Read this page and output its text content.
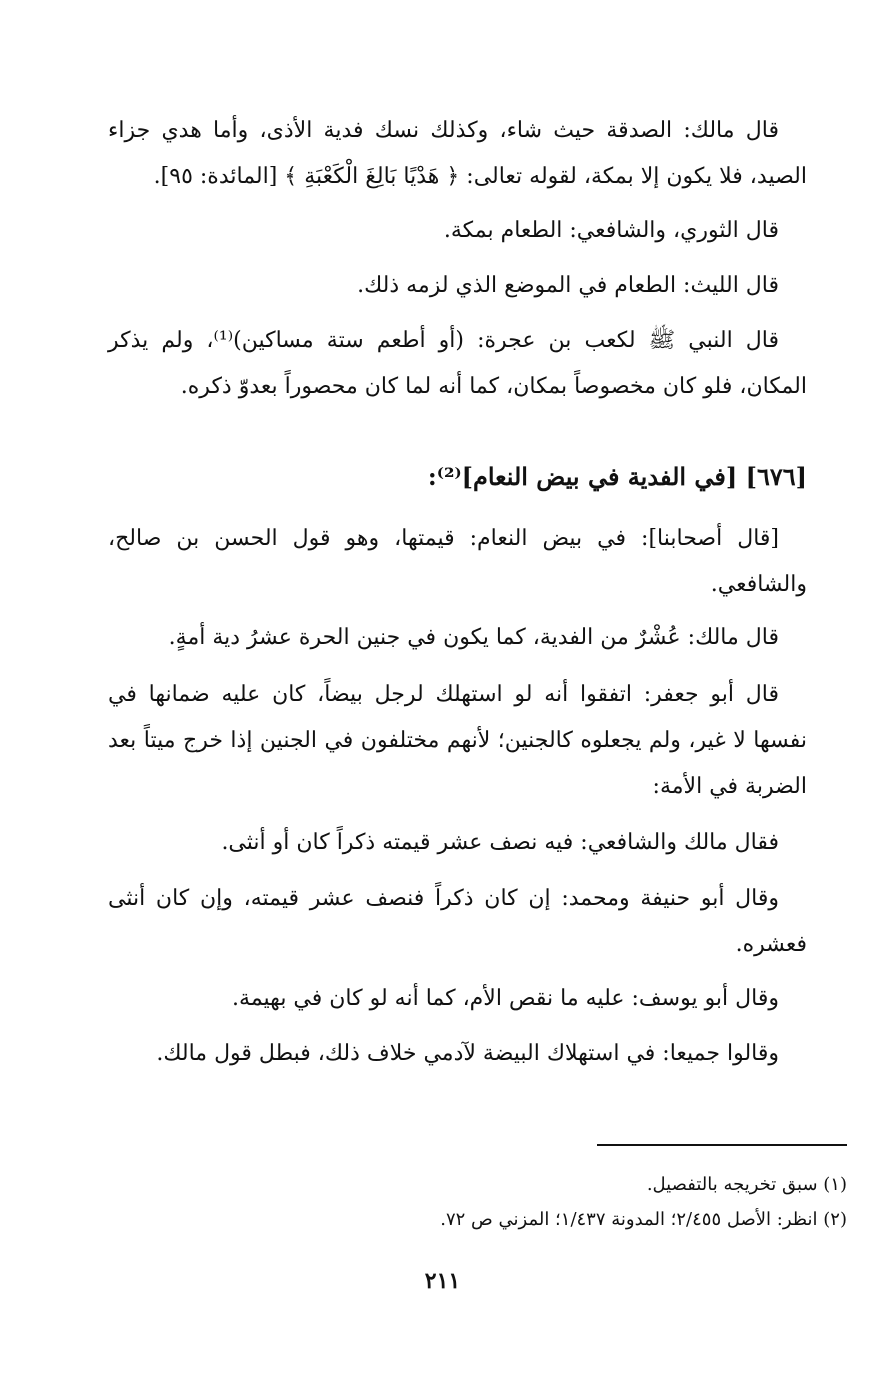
قال مالك: الصدقة حيث شاء، وكذلك نسك فدية الأذى، وأما هدي جزاء الصيد، فلا يكون إلا بمكة، لقوله تعالى: ﴿ هَدْيًا بَالِغَ الْكَعْبَةِ ﴾ [المائدة: ٩٥].
قال الثوري، والشافعي: الطعام بمكة.
قال الليث: الطعام في الموضع الذي لزمه ذلك.
قال النبي ﷺ لكعب بن عجرة: (أو أطعم ستة مساكين)⁽¹⁾، ولم يذكر المكان، فلو كان مخصوصاً بمكان، كما أنه لما كان محصوراً بعدوّ ذكره.
[٦٧٦] [في الفدية في بيض النعام]⁽²⁾:
[قال أصحابنا]: في بيض النعام: قيمتها، وهو قول الحسن بن صالح، والشافعي.
قال مالك: عُشْرٌ من الفدية، كما يكون في جنين الحرة عشرُ دية أمةٍ.
قال أبو جعفر: اتفقوا أنه لو استهلك لرجل بيضاً، كان عليه ضمانها في نفسها لا غير، ولم يجعلوه كالجنين؛ لأنهم مختلفون في الجنين إذا خرج ميتاً بعد الضربة في الأمة:
فقال مالك والشافعي: فيه نصف عشر قيمته ذكراً كان أو أنثى.
وقال أبو حنيفة ومحمد: إن كان ذكراً فنصف عشر قيمته، وإن كان أنثى فعشره.
وقال أبو يوسف: عليه ما نقص الأم، كما أنه لو كان في بهيمة.
وقالوا جميعا: في استهلاك البيضة لآدمي خلاف ذلك، فبطل قول مالك.
(١) سبق تخريجه بالتفصيل.
(٢) انظر: الأصل ٢/٤٥٥؛ المدونة ١/٤٣٧؛ المزني ص ٧٢.
٢١١
